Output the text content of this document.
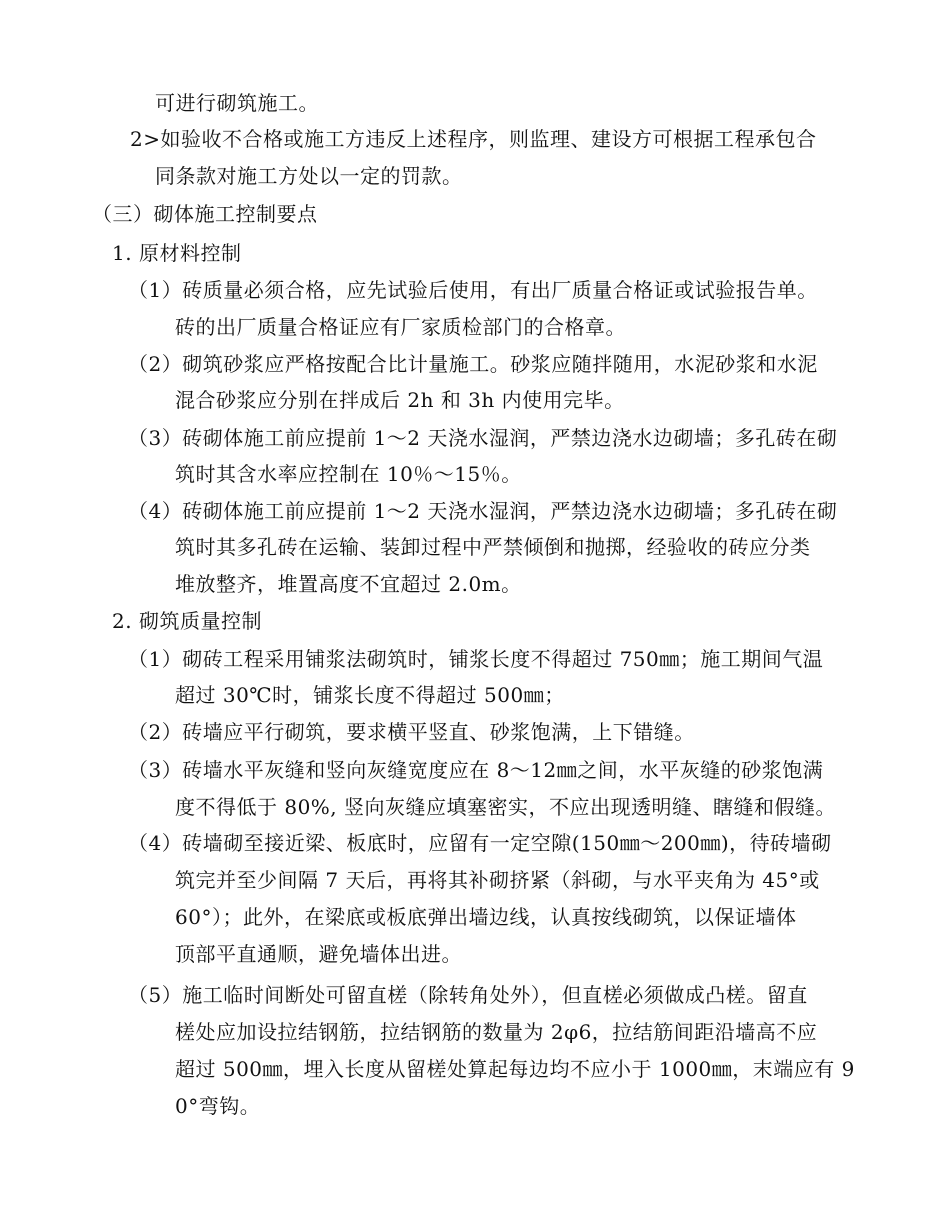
可进行砌筑施工。
2>如验收不合格或施工方违反上述程序，则监理、建设方可根据工程承包合
同条款对施工方处以一定的罚款。
（三）砌体施工控制要点
1. 原材料控制
（1）砖质量必须合格，应先试验后使用，有出厂质量合格证或试验报告单。
砖的出厂质量合格证应有厂家质检部门的合格章。
（2）砌筑砂浆应严格按配合比计量施工。砂浆应随拌随用，水泥砂浆和水泥
混合砂浆应分别在拌成后 2h 和 3h 内使用完毕。
（3）砖砌体施工前应提前 1～2 天浇水湿润，严禁边浇水边砌墙；多孔砖在砌
筑时其含水率应控制在 10％～15％。
（4）砖砌体施工前应提前 1～2 天浇水湿润，严禁边浇水边砌墙；多孔砖在砌
筑时其多孔砖在运输、装卸过程中严禁倾倒和抛掷，经验收的砖应分类
堆放整齐，堆置高度不宜超过 2.0m。
2. 砌筑质量控制
（1）砌砖工程采用铺浆法砌筑时，铺浆长度不得超过 750㎜；施工期间气温
超过 30℃时，铺浆长度不得超过 500㎜；
（2）砖墙应平行砌筑，要求横平竖直、砂浆饱满，上下错缝。
（3）砖墙水平灰缝和竖向灰缝宽度应在 8～12㎜之间，水平灰缝的砂浆饱满
度不得低于 80%, 竖向灰缝应填塞密实，不应出现透明缝、瞎缝和假缝。
（4）砖墙砌至接近梁、板底时，应留有一定空隙(150㎜～200㎜)，待砖墙砌
筑完并至少间隔 7 天后，再将其补砌挤紧（斜砌，与水平夹角为 45°或
60°）；此外，在梁底或板底弹出墙边线，认真按线砌筑，以保证墙体
顶部平直通顺，避免墙体出进。
（5）施工临时间断处可留直槎（除转角处外），但直槎必须做成凸槎。留直
槎处应加设拉结钢筋，拉结钢筋的数量为 2φ6，拉结筋间距沿墙高不应
超过 500㎜，埋入长度从留槎处算起每边均不应小于 1000㎜，末端应有 9
0°弯钩。
